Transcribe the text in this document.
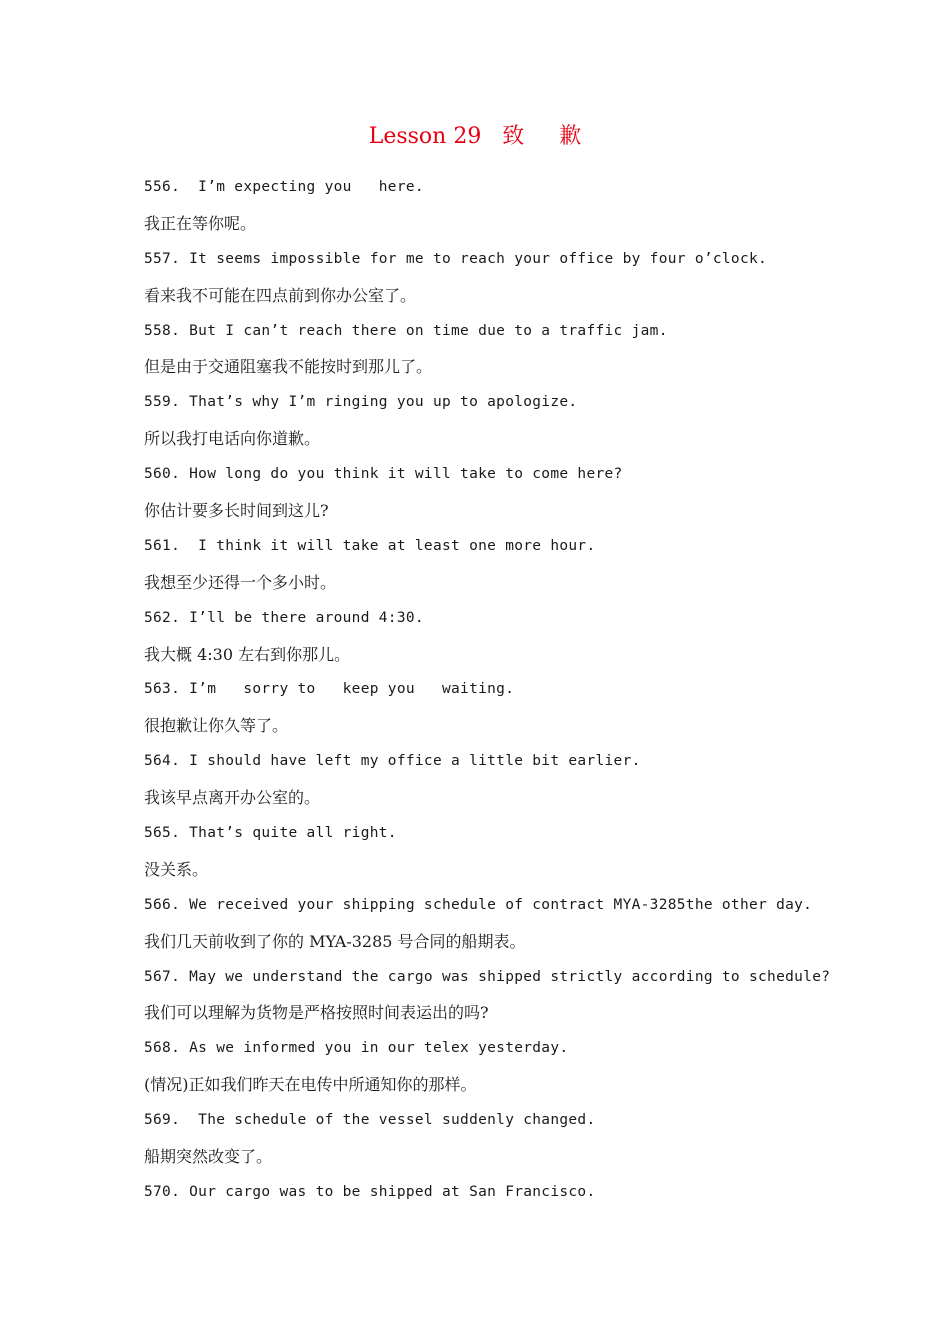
Lesson 29   致     歉
556.  I’m expecting you   here.
我正在等你呢。
557. It seems impossible for me to reach your office by four o’clock.
看来我不可能在四点前到你办公室了。
558. But I can’t reach there on time due to a traffic jam.
但是由于交通阻塞我不能按时到那儿了。
559. That’s why I’m ringing you up to apologize.
所以我打电话向你道歉。
560. How long do you think it will take to come here?
你估计要多长时间到这儿?
561.  I think it will take at least one more hour.
我想至少还得一个多小时。
562. I’ll be there around 4:30.
我大概 4:30 左右到你那儿。
563. I’m   sorry to   keep you   waiting.
很抱歉让你久等了。
564. I should have left my office a little bit earlier.
我该早点离开办公室的。
565. That’s quite all right.
没关系。
566. We received your shipping schedule of contract MYA-3285the other day.
我们几天前收到了你的 MYA-3285 号合同的船期表。
567. May we understand the cargo was shipped strictly according to schedule?
我们可以理解为货物是严格按照时间表运出的吗?
568. As we informed you in our telex yesterday.
(情况)正如我们昨天在电传中所通知你的那样。
569.  The schedule of the vessel suddenly changed.
船期突然改变了。
570. Our cargo was to be shipped at San Francisco.
